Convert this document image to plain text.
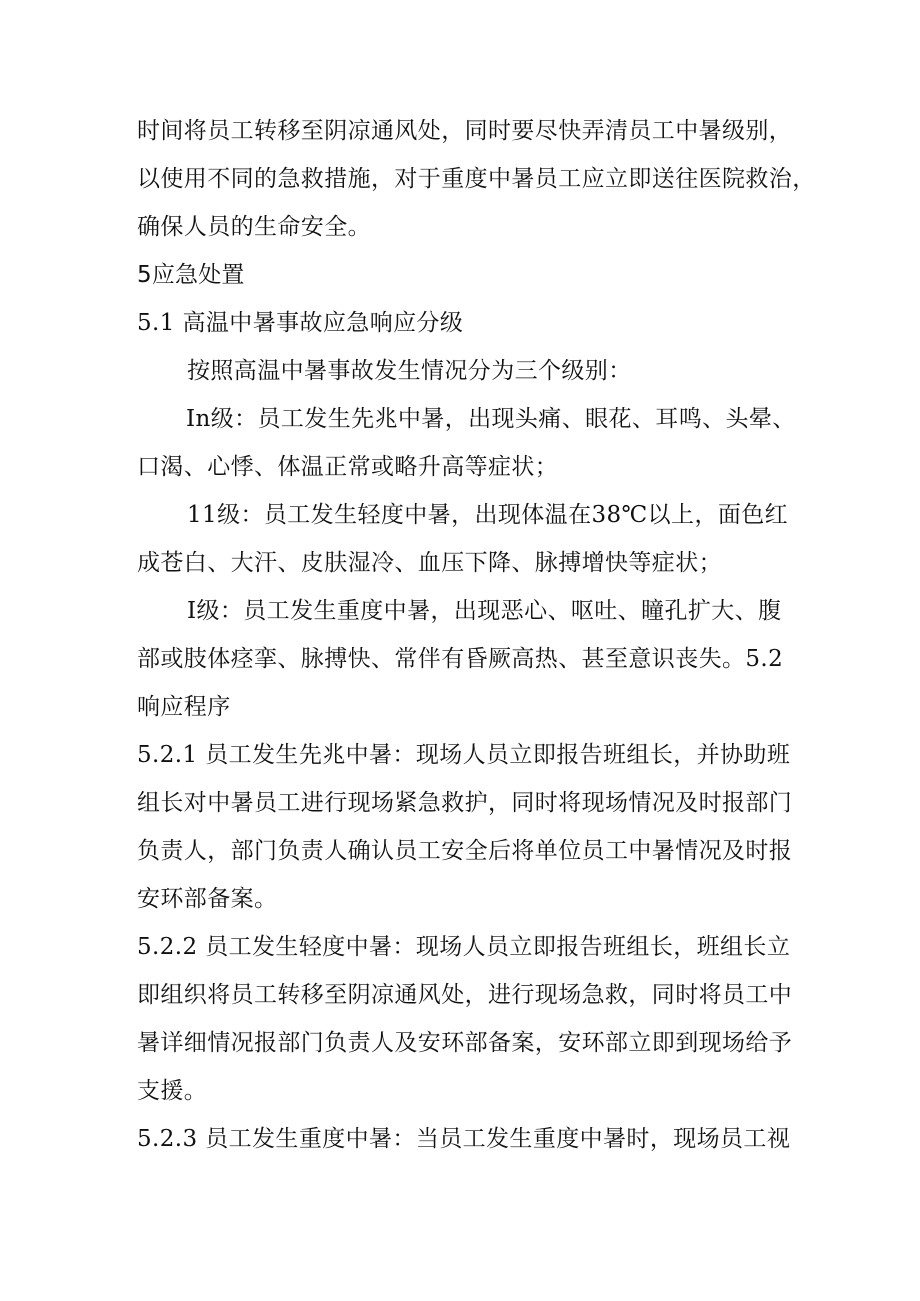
时间将员工转移至阴凉通风处，同时要尽快弄清员工中暑级别，
以使用不同的急救措施，对于重度中暑员工应立即送往医院救治，
确保人员的生命安全。
5应急处置
5.1 高温中暑事故应急响应分级
按照高温中暑事故发生情况分为三个级别：
In级：员工发生先兆中暑，出现头痛、眼花、耳鸣、头晕、
口渴、心悸、体温正常或略升高等症状；
11级：员工发生轻度中暑，出现体温在38℃以上，面色红
成苍白、大汗、皮肤湿冷、血压下降、脉搏增快等症状；
I级：员工发生重度中暑，出现恶心、呕吐、瞳孔扩大、腹
部或肢体痉挛、脉搏快、常伴有昏厥高热、甚至意识丧失。5.2
响应程序
5.2.1 员工发生先兆中暑：现场人员立即报告班组长，并协助班
组长对中暑员工进行现场紧急救护，同时将现场情况及时报部门
负责人，部门负责人确认员工安全后将单位员工中暑情况及时报
安环部备案。
5.2.2 员工发生轻度中暑：现场人员立即报告班组长，班组长立
即组织将员工转移至阴凉通风处，进行现场急救，同时将员工中
暑详细情况报部门负责人及安环部备案，安环部立即到现场给予
支援。
5.2.3 员工发生重度中暑：当员工发生重度中暑时，现场员工视
